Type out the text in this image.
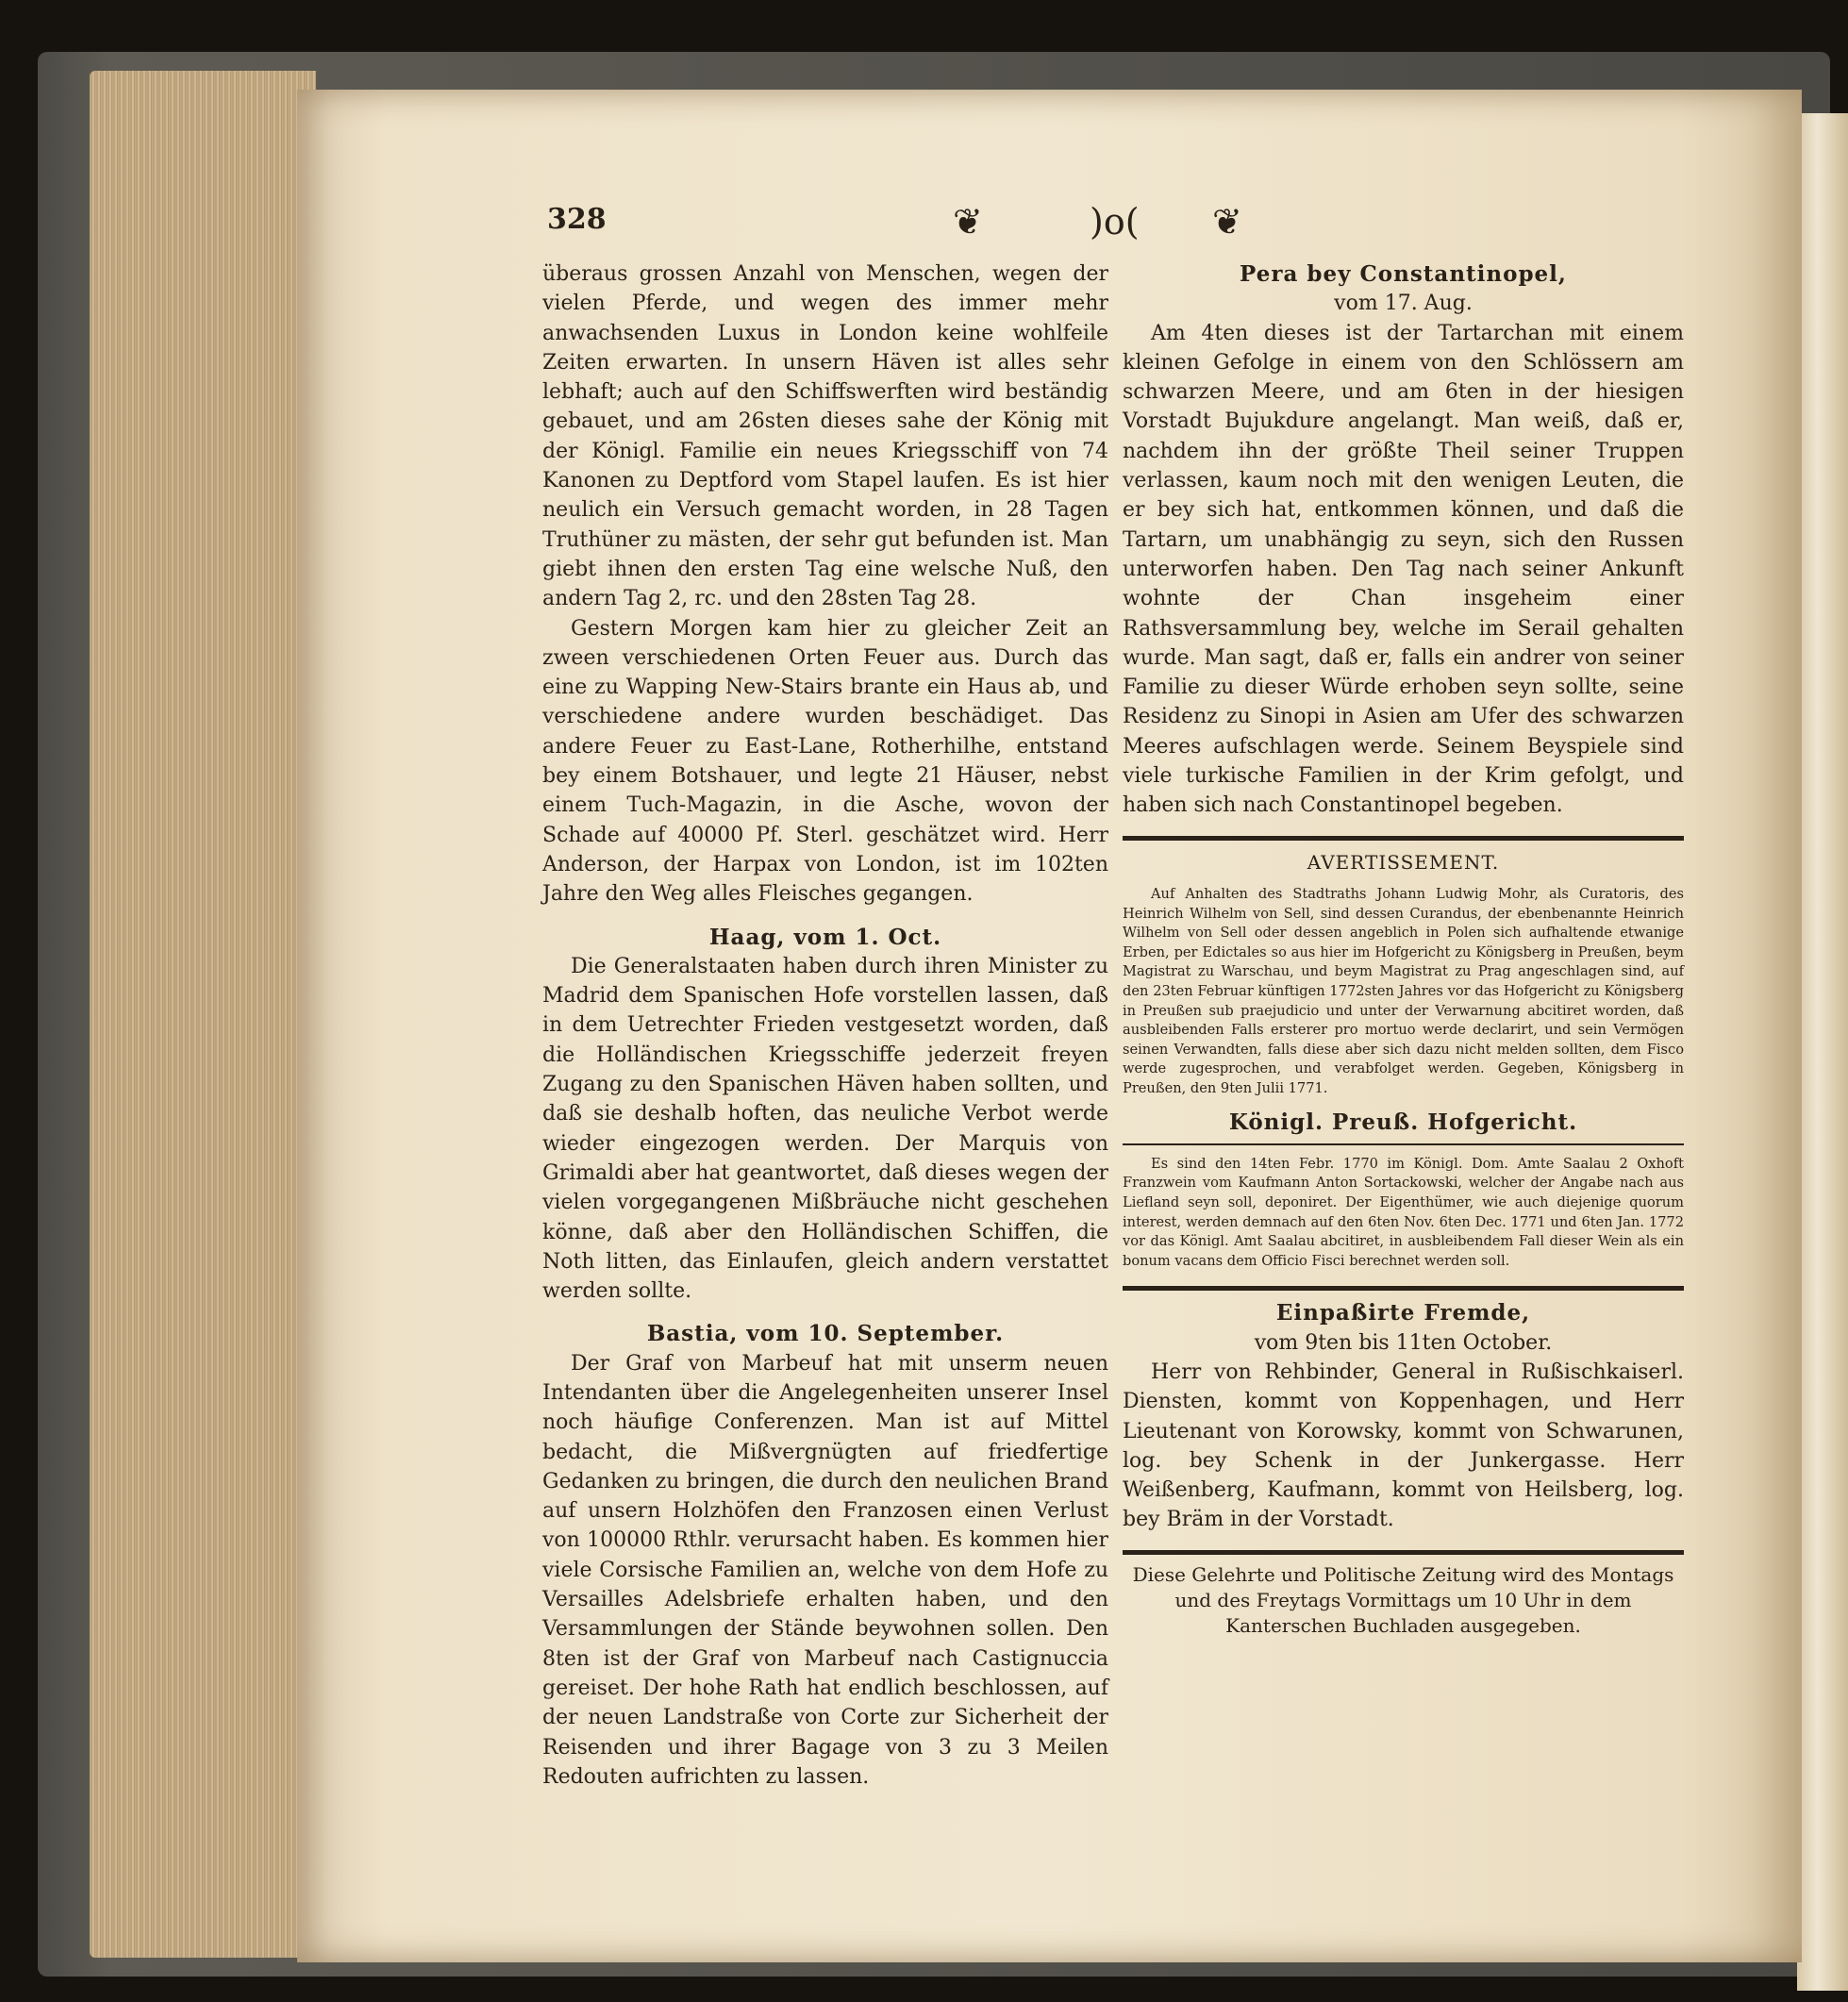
328	❦	)o( ❦

überaus grossen Anzahl von Menschen, wegen der vielen Pferde, und wegen des immer mehr anwachsenden Luxus in London keine wohlfeile Zeiten erwarten. In unsern Häven ist alles sehr lebhaft; auch auf den Schiffswerften wird beständig gebauet, und am 26sten dieses sahe der König mit der Königl. Familie ein neues Kriegsschiff von 74 Kanonen zu Deptford vom Stapel laufen. Es ist hier neulich ein Versuch gemacht worden, in 28 Tagen Truthüner zu mästen, der sehr gut befunden ist. Man giebt ihnen den ersten Tag eine welsche Nuß, den andern Tag 2, rc. und den 28sten Tag 28.

Gestern Morgen kam hier zu gleicher Zeit an zween verschiedenen Orten Feuer aus. Durch das eine zu Wapping New-Stairs brante ein Haus ab, und verschiedene andere wurden beschädiget. Das andere Feuer zu East-Lane, Rotherhilhe, entstand bey einem Botshauer, und legte 21 Häuser, nebst einem Tuch-Magazin, in die Asche, wovon der Schade auf 40000 Pf. Sterl. geschätzet wird. Herr Anderson, der Harpax von London, ist im 102ten Jahre den Weg alles Fleisches gegangen.

Haag, vom 1. Oct.

Die Generalstaaten haben durch ihren Minister zu Madrid dem Spanischen Hofe vorstellen lassen, daß in dem Uetrechter Frieden vestgesetzt worden, daß die Holländischen Kriegsschiffe jederzeit freyen Zugang zu den Spanischen Häven haben sollten, und daß sie deshalb hoften, das neuliche Verbot werde wieder eingezogen werden. Der Marquis von Grimaldi aber hat geantwortet, daß dieses wegen der vielen vorgegangenen Mißbräuche nicht geschehen könne, daß aber den Holländischen Schiffen, die Noth litten, das Einlaufen, gleich andern verstattet werden sollte.

Bastia, vom 10. September.

Der Graf von Marbeuf hat mit unserm neuen Intendanten über die Angelegenheiten unserer Insel noch häufige Conferenzen. Man ist auf Mittel bedacht, die Mißvergnügten auf friedfertige Gedanken zu bringen, die durch den neulichen Brand auf unsern Holzhöfen den Franzosen einen Verlust von 100000 Rthlr. verursacht haben. Es kommen hier viele Corsische Familien an, welche von dem Hofe zu Versailles Adelsbriefe erhalten haben, und den Versammlungen der Stände beywohnen sollen. Den 8ten ist der Graf von Marbeuf nach Castignuccia gereiset. Der hohe Rath hat endlich beschlossen, auf der neuen Landstraße von Corte zur Sicherheit der Reisenden und ihrer Bagage von 3 zu 3 Meilen Redouten aufrichten zu lassen.

Pera bey Constantinopel,
vom 17. Aug.

Am 4ten dieses ist der Tartarchan mit einem kleinen Gefolge in einem von den Schlössern am schwarzen Meere, und am 6ten in der hiesigen Vorstadt Bujukdure angelangt. Man weiß, daß er, nachdem ihn der größte Theil seiner Truppen verlassen, kaum noch mit den wenigen Leuten, die er bey sich hat, entkommen können, und daß die Tartarn, um unabhängig zu seyn, sich den Russen unterworfen haben. Den Tag nach seiner Ankunft wohnte der Chan insgeheim einer Rathsversammlung bey, welche im Serail gehalten wurde. Man sagt, daß er, falls ein andrer von seiner Familie zu dieser Würde erhoben seyn sollte, seine Residenz zu Sinopi in Asien am Ufer des schwarzen Meeres aufschlagen werde. Seinem Beyspiele sind viele turkische Familien in der Krim gefolgt, und haben sich nach Constantinopel begeben.

AVERTISSEMENT.

Auf Anhalten des Stadtraths Johann Ludwig Mohr, als Curatoris, des Heinrich Wilhelm von Sell, sind dessen Curandus, der ebenbenannte Heinrich Wilhelm von Sell oder dessen angeblich in Polen sich aufhaltende etwanige Erben, per Edictales so aus hier im Hofgericht zu Königsberg in Preußen, beym Magistrat zu Warschau, und beym Magistrat zu Prag angeschlagen sind, auf den 23ten Februar künftigen 1772sten Jahres vor das Hofgericht zu Königsberg in Preußen sub praejudicio und unter der Verwarnung abcitiret worden, daß ausbleibenden Falls ersterer pro mortuo werde declarirt, und sein Vermögen seinen Verwandten, falls diese aber sich dazu nicht melden sollten, dem Fisco werde zugesprochen, und verabfolget werden. Gegeben, Königsberg in Preußen, den 9ten Julii 1771.

Königl. Preuß. Hofgericht.

Es sind den 14ten Febr. 1770 im Königl. Dom. Amte Saalau 2 Oxhoft Franzwein vom Kaufmann Anton Sortackowski, welcher der Angabe nach aus Liefland seyn soll, deponiret. Der Eigenthümer, wie auch diejenige quorum interest, werden demnach auf den 6ten Nov. 6ten Dec. 1771 und 6ten Jan. 1772 vor das Königl. Amt Saalau abcitiret, in ausbleibendem Fall dieser Wein als ein bonum vacans dem Officio Fisci berechnet werden soll.

Einpaßirte Fremde,
vom 9ten bis 11ten October.

Herr von Rehbinder, General in Rußischkaiserl. Diensten, kommt von Koppenhagen, und Herr Lieutenant von Korowsky, kommt von Schwarunen, log. bey Schenk in der Junkergasse. Herr Weißenberg, Kaufmann, kommt von Heilsberg, log. bey Bräm in der Vorstadt.

Diese Gelehrte und Politische Zeitung wird des Montags und des Freytags Vormittags um 10 Uhr in dem Kanterschen Buchladen ausgegeben.
